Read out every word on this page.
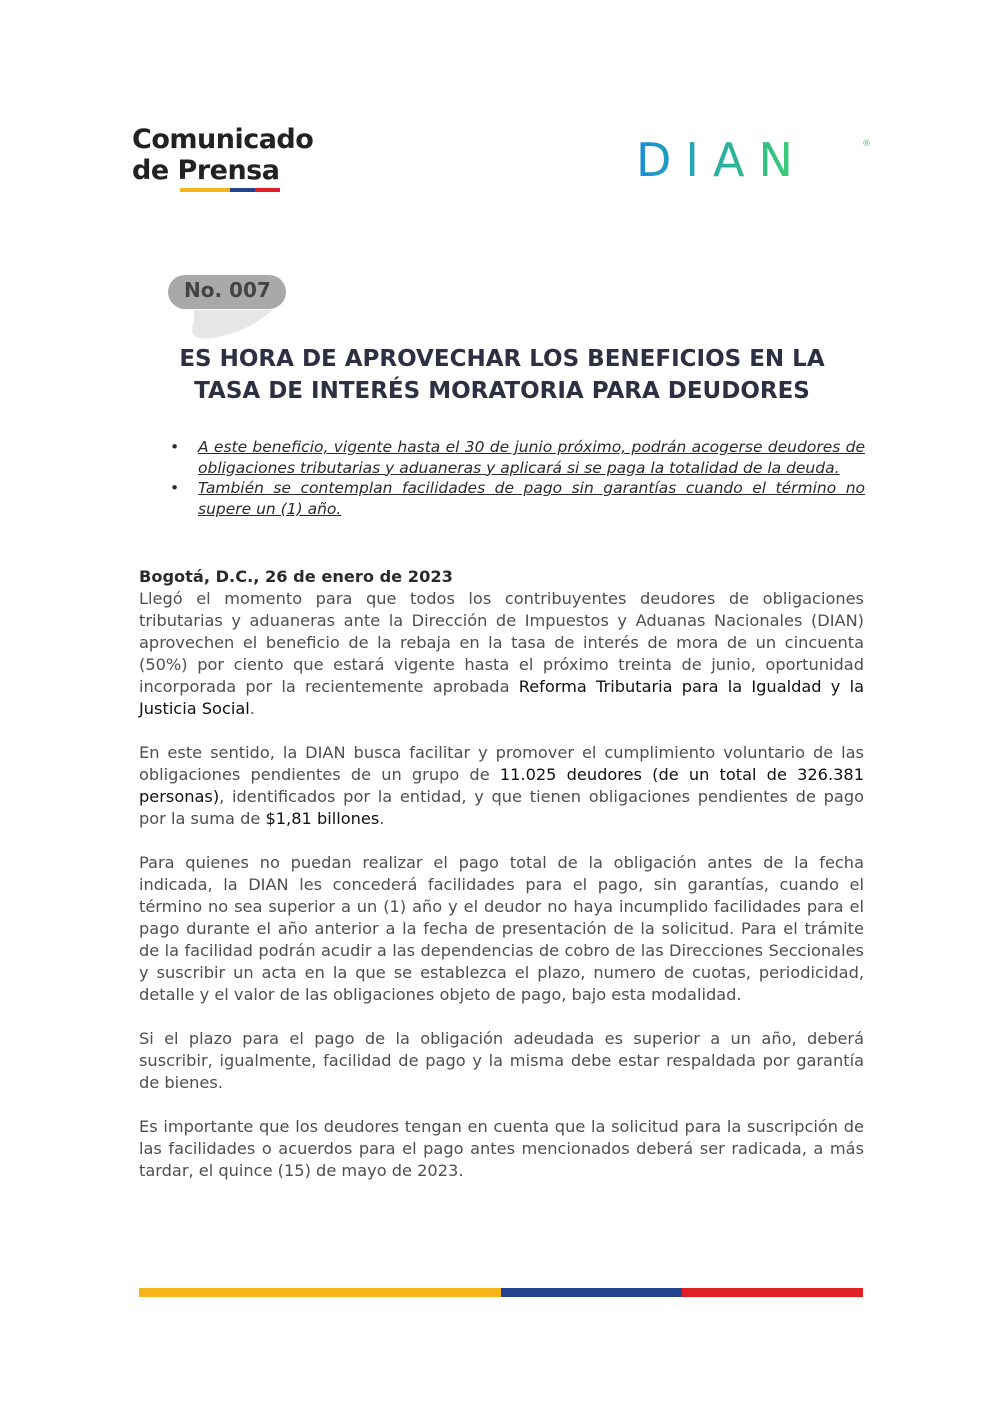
Comunicado
de Prensa	DIAN	®
No. 007
ES HORA DE APROVECHAR LOS BENEFICIOS EN LA
TASA DE INTERÉS MORATORIA PARA DEUDORES
• A este beneficio, vigente hasta el 30 de junio próximo, podrán acogerse deudores de obligaciones tributarias y aduaneras y aplicará si se paga la totalidad de la deuda.
• También se contemplan facilidades de pago sin garantías cuando el término no supere un (1) año.
Bogotá, D.C., 26 de enero de 2023

Llegó el momento para que todos los contribuyentes deudores de obligaciones tributarias y aduaneras ante la Dirección de Impuestos y Aduanas Nacionales (DIAN) aprovechen el beneficio de la rebaja en la tasa de interés de mora de un cincuenta (50%) por ciento que estará vigente hasta el próximo treinta de junio, oportunidad incorporada por la recientemente aprobada Reforma Tributaria para la Igualdad y la Justicia Social.

En este sentido, la DIAN busca facilitar y promover el cumplimiento voluntario de las obligaciones pendientes de un grupo de 11.025 deudores (de un total de 326.381 personas), identificados por la entidad, y que tienen obligaciones pendientes de pago por la suma de $1,81 billones.

Para quienes no puedan realizar el pago total de la obligación antes de la fecha indicada, la DIAN les concederá facilidades para el pago, sin garantías, cuando el término no sea superior a un (1) año y el deudor no haya incumplido facilidades para el pago durante el año anterior a la fecha de presentación de la solicitud. Para el trámite de la facilidad podrán acudir a las dependencias de cobro de las Direcciones Seccionales y suscribir un acta en la que se establezca el plazo, numero de cuotas, periodicidad, detalle y el valor de las obligaciones objeto de pago, bajo esta modalidad.

Si el plazo para el pago de la obligación adeudada es superior a un año, deberá suscribir, igualmente, facilidad de pago y la misma debe estar respaldada por garantía de bienes.

Es importante que los deudores tengan en cuenta que la solicitud para la suscripción de las facilidades o acuerdos para el pago antes mencionados deberá ser radicada, a más tardar, el quince (15) de mayo de 2023.
